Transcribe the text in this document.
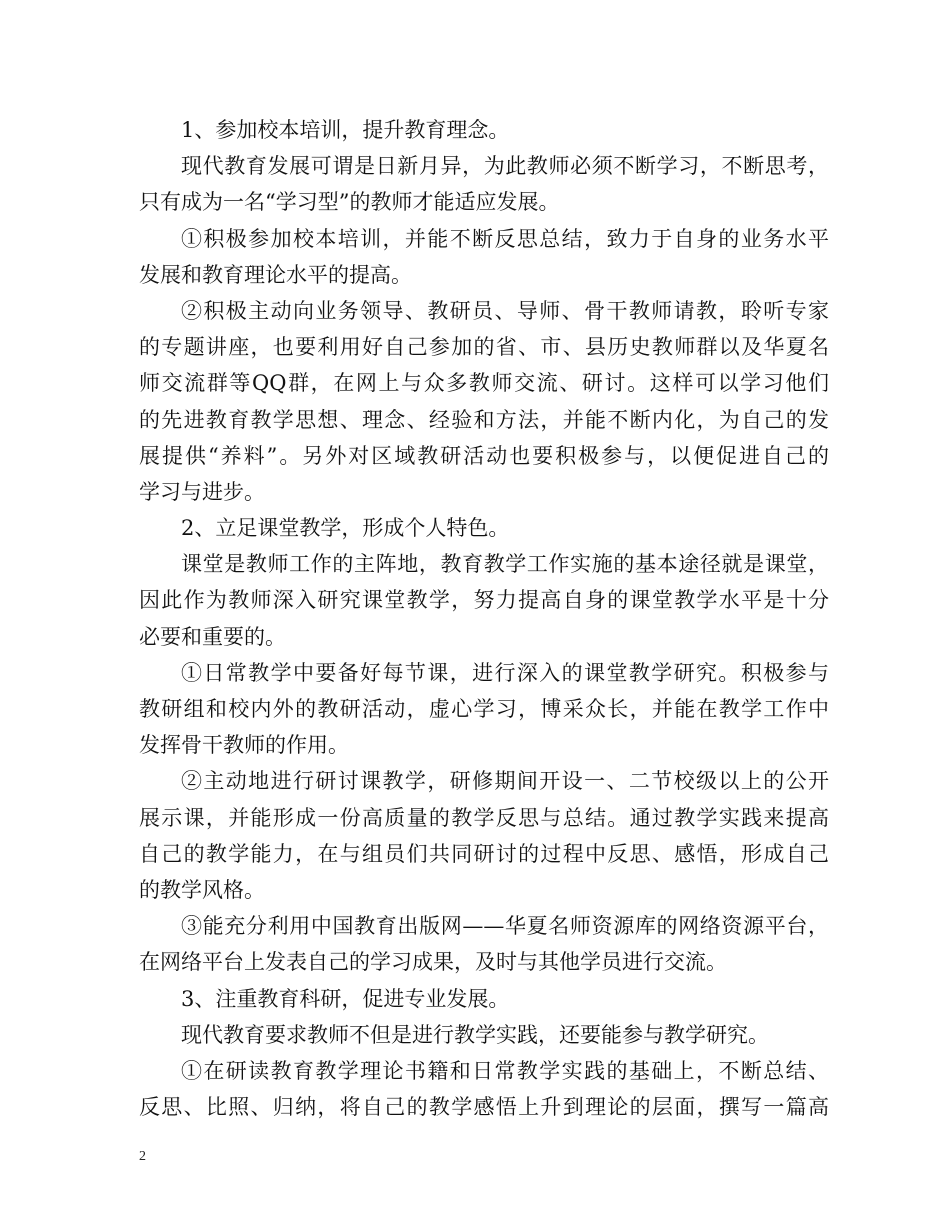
1、参加校本培训，提升教育理念。
现代教育发展可谓是日新月异，为此教师必须不断学习，不断思考，
只有成为一名“学习型”的教师才能适应发展。
①积极参加校本培训，并能不断反思总结，致力于自身的业务水平
发展和教育理论水平的提高。
②积极主动向业务领导、教研员、导师、骨干教师请教，聆听专家
的专题讲座，也要利用好自己参加的省、市、县历史教师群以及华夏名
师交流群等QQ群，在网上与众多教师交流、研讨。这样可以学习他们
的先进教育教学思想、理念、经验和方法，并能不断内化，为自己的发
展提供“养料”。另外对区域教研活动也要积极参与，以便促进自己的
学习与进步。
2、立足课堂教学，形成个人特色。
课堂是教师工作的主阵地，教育教学工作实施的基本途径就是课堂，
因此作为教师深入研究课堂教学，努力提高自身的课堂教学水平是十分
必要和重要的。
①日常教学中要备好每节课，进行深入的课堂教学研究。积极参与
教研组和校内外的教研活动，虚心学习，博采众长，并能在教学工作中
发挥骨干教师的作用。
②主动地进行研讨课教学，研修期间开设一、二节校级以上的公开
展示课，并能形成一份高质量的教学反思与总结。通过教学实践来提高
自己的教学能力，在与组员们共同研讨的过程中反思、感悟，形成自己
的教学风格。
③能充分利用中国教育出版网——华夏名师资源库的网络资源平台，
在网络平台上发表自己的学习成果，及时与其他学员进行交流。
3、注重教育科研，促进专业发展。
现代教育要求教师不但是进行教学实践，还要能参与教学研究。
①在研读教育教学理论书籍和日常教学实践的基础上，不断总结、
反思、比照、归纳，将自己的教学感悟上升到理论的层面，撰写一篇高
2
